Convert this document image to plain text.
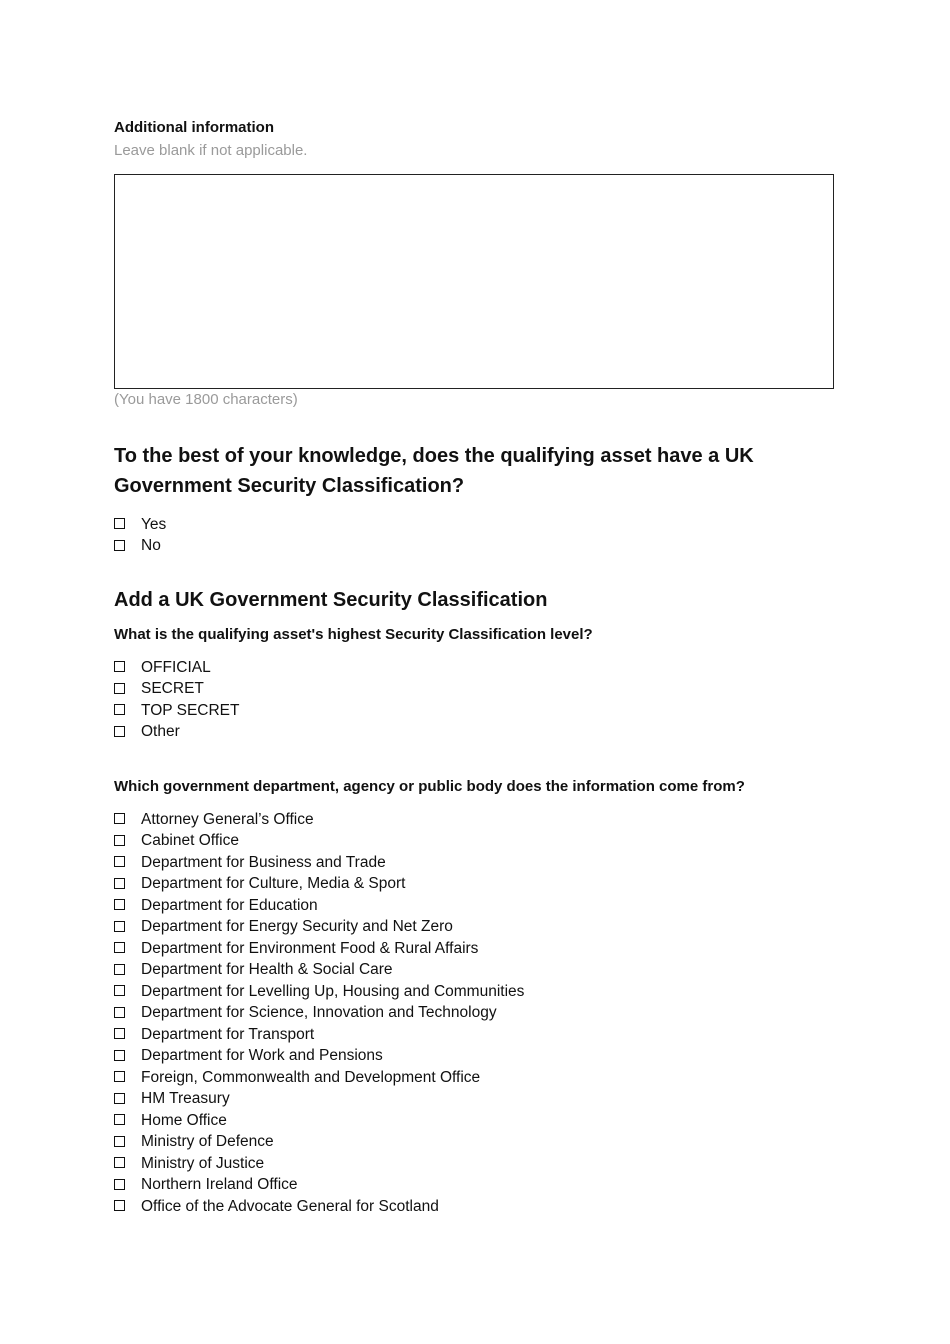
Additional information
Leave blank if not applicable.
(You have 1800 characters)
To the best of your knowledge, does the qualifying asset have a UK Government Security Classification?
Yes
No
Add a UK Government Security Classification
What is the qualifying asset's highest Security Classification level?
OFFICIAL
SECRET
TOP SECRET
Other
Which government department, agency or public body does the information come from?
Attorney General’s Office
Cabinet Office
Department for Business and Trade
Department for Culture, Media & Sport
Department for Education
Department for Energy Security and Net Zero
Department for Environment Food & Rural Affairs
Department for Health & Social Care
Department for Levelling Up, Housing and Communities
Department for Science, Innovation and Technology
Department for Transport
Department for Work and Pensions
Foreign, Commonwealth and Development Office
HM Treasury
Home Office
Ministry of Defence
Ministry of Justice
Northern Ireland Office
Office of the Advocate General for Scotland
